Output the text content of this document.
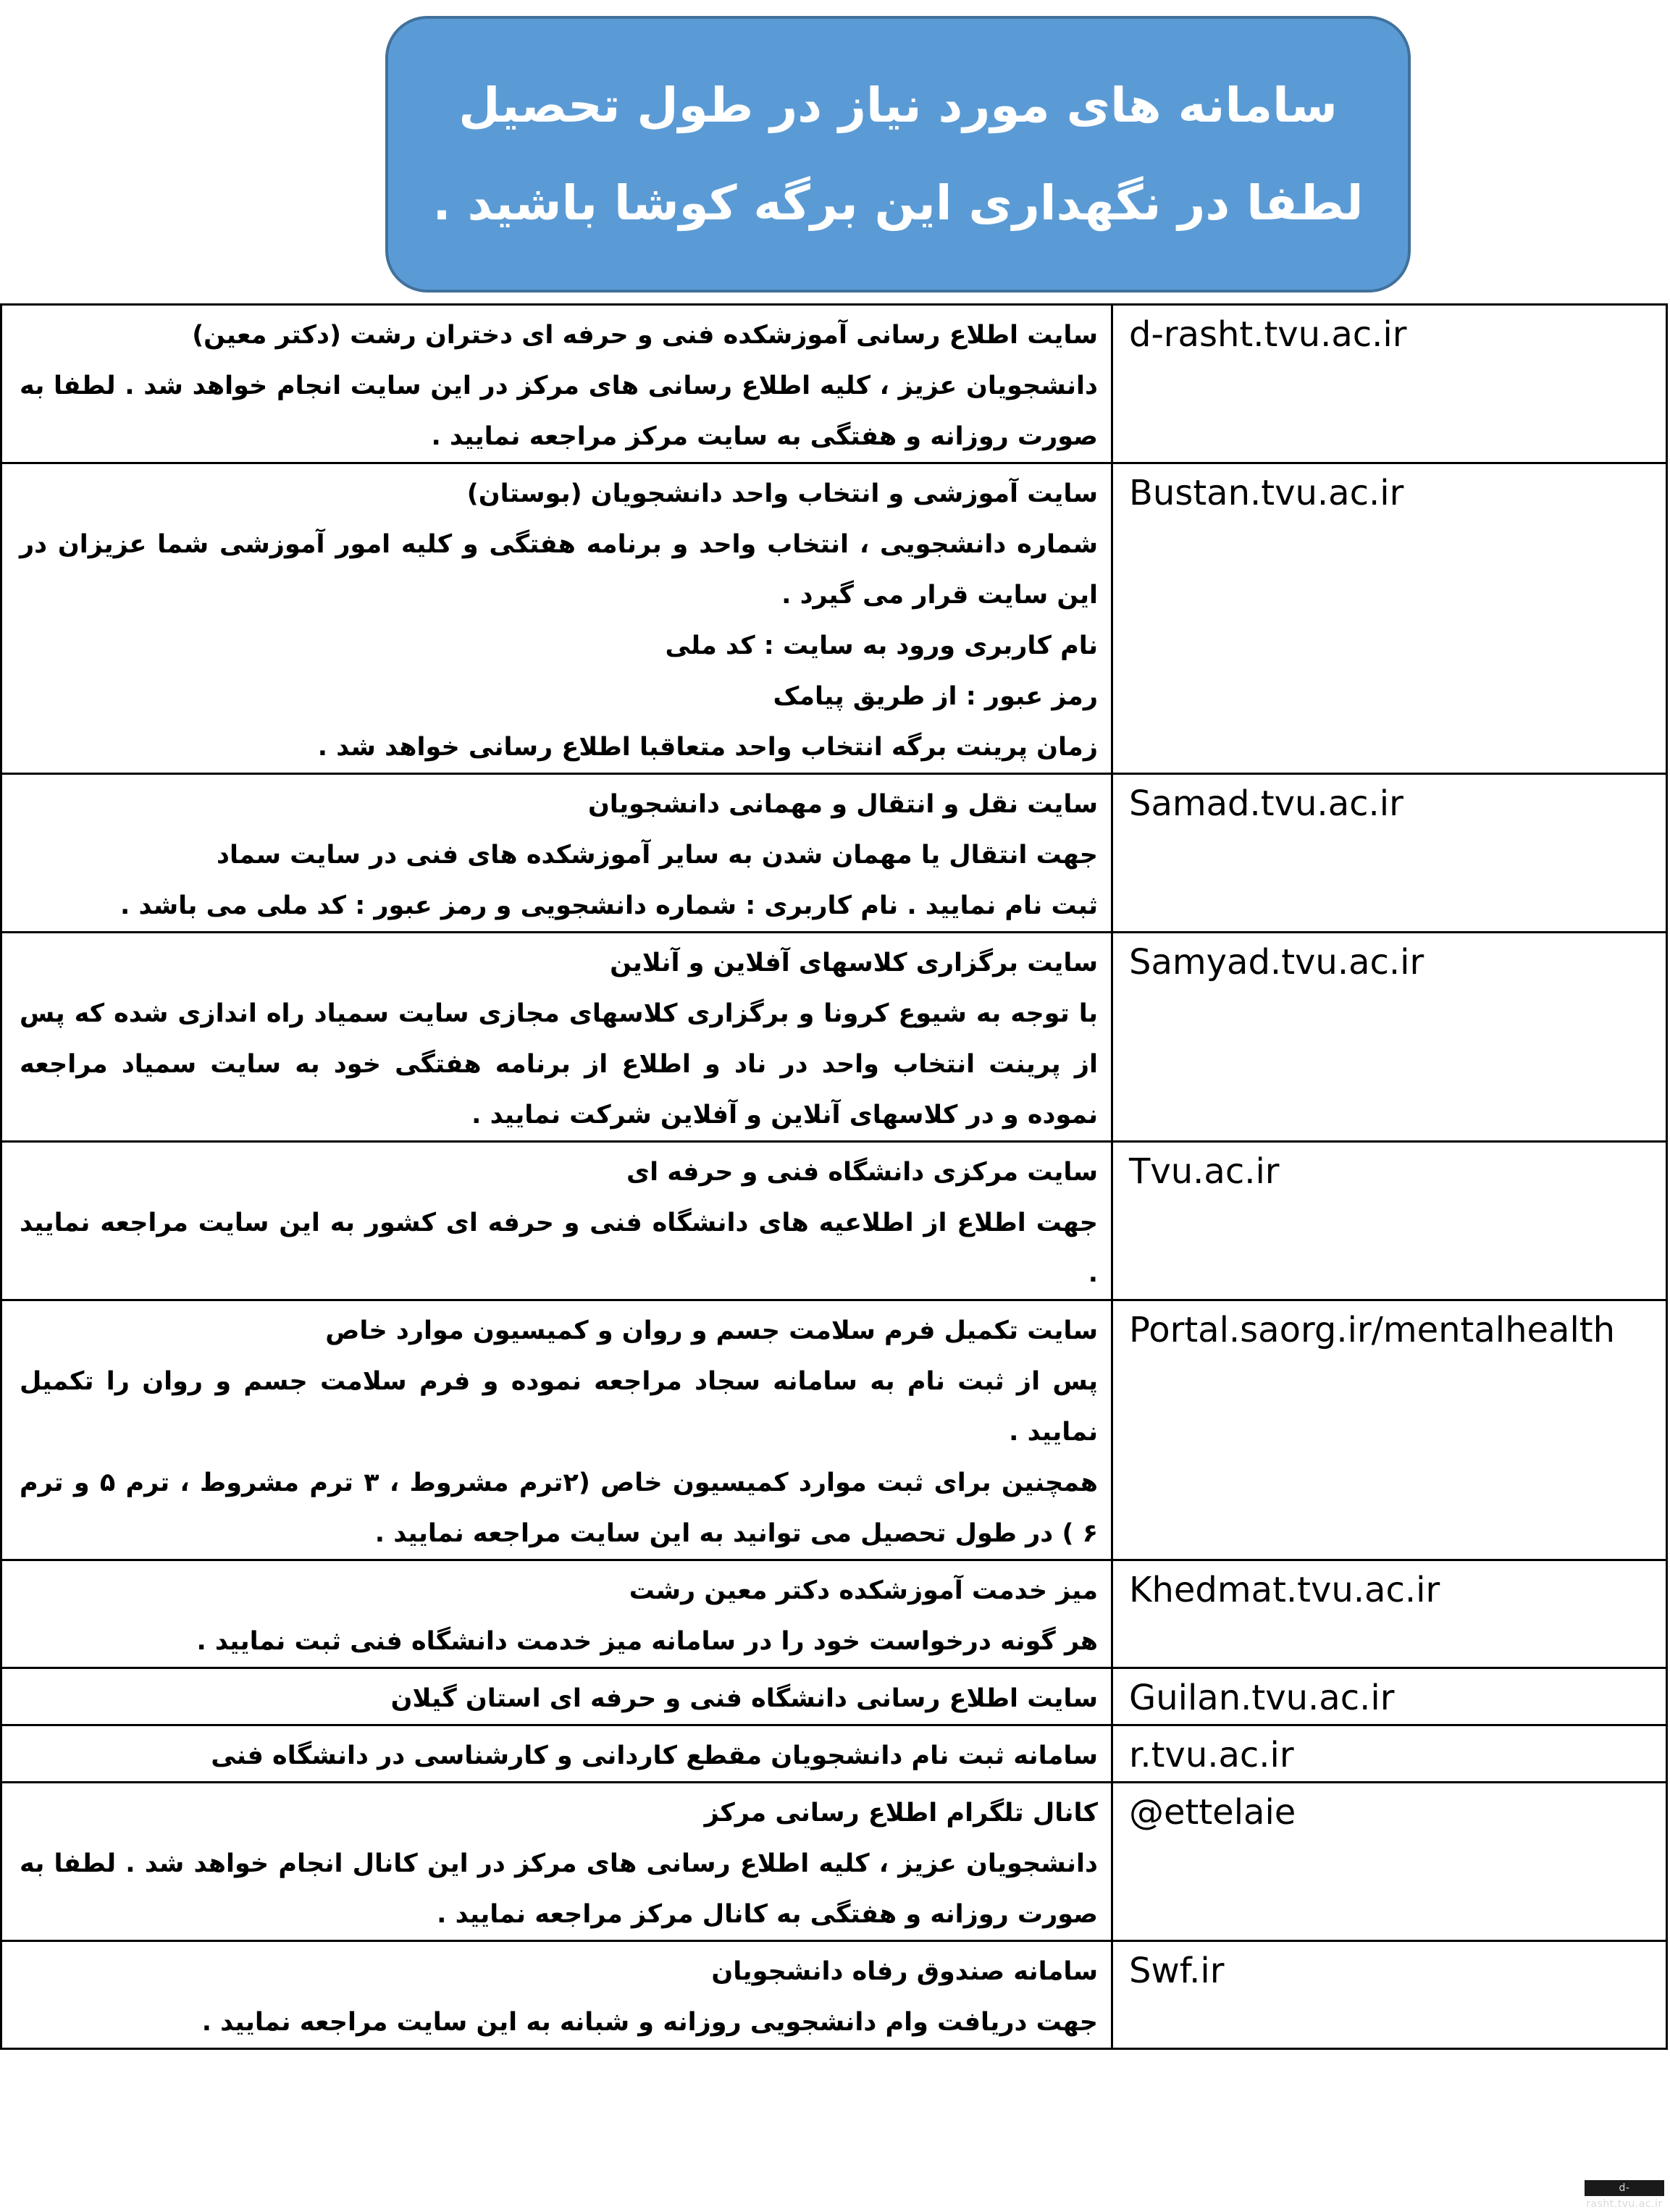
سامانه های مورد نیاز در طول تحصیل
لطفا در نگهداری این برگه کوشا باشید .
سایت اطلاع رسانی آموزشکده فنی و حرفه ای دختران رشت (دکتر معین)
دانشجویان عزیز ، کلیه اطلاع رسانی های مرکز در این سایت انجام خواهد شد . لطفا به صورت روزانه و هفتگی به سایت مرکز مراجعه نمایید .	d-rasht.tvu.ac.ir

سایت آموزشی و انتخاب واحد دانشجویان (بوستان)
شماره دانشجویی ، انتخاب واحد و برنامه هفتگی و کلیه امور آموزشی شما عزیزان در این سایت قرار می گیرد .
نام کاربری ورود به سایت : کد ملی
رمز عبور : از طریق پیامک
زمان پرینت برگه انتخاب واحد متعاقبا اطلاع رسانی خواهد شد .	Bustan.tvu.ac.ir

سایت نقل و انتقال و مهمانی دانشجویان
جهت انتقال یا مهمان شدن به سایر آموزشکده های فنی در سایت سماد
ثبت نام نمایید . نام کاربری : شماره دانشجویی و رمز عبور : کد ملی می باشد .	Samad.tvu.ac.ir

سایت برگزاری کلاسهای آفلاین و آنلاین
با توجه به شیوع کرونا و برگزاری کلاسهای مجازی سایت سمیاد راه اندازی شده که پس از پرینت انتخاب واحد در ناد و اطلاع از برنامه هفتگی خود به سایت سمیاد مراجعه نموده و در کلاسهای آنلاین و آفلاین شرکت نمایید .	Samyad.tvu.ac.ir

سایت مرکزی دانشگاه فنی و حرفه ای
جهت اطلاع از اطلاعیه های دانشگاه فنی و حرفه ای کشور به این سایت مراجعه نمایید .	Tvu.ac.ir

سایت تکمیل فرم سلامت جسم و روان و کمیسیون موارد خاص
پس از ثبت نام به سامانه سجاد مراجعه نموده و فرم سلامت جسم و روان را تکمیل نمایید .
همچنین برای ثبت موارد کمیسیون خاص (۲ترم مشروط ، ۳ ترم مشروط ، ترم ۵ و ترم ۶ ) در طول تحصیل می توانید به این سایت مراجعه نمایید .	Portal.saorg.ir/mentalhealth

میز خدمت آموزشکده دکتر معین رشت
هر گونه درخواست خود را در سامانه میز خدمت دانشگاه فنی ثبت نمایید .	Khedmat.tvu.ac.ir

سایت اطلاع رسانی دانشگاه فنی و حرفه ای استان گیلان	Guilan.tvu.ac.ir

سامانه ثبت نام دانشجویان مقطع کاردانی و کارشناسی در دانشگاه فنی	r.tvu.ac.ir

کانال تلگرام اطلاع رسانی مرکز
دانشجویان عزیز ، کلیه اطلاع رسانی های مرکز در این کانال انجام خواهد شد . لطفا به صورت روزانه و هفتگی به کانال مرکز مراجعه نمایید .	@ettelaie

سامانه صندوق رفاه دانشجویان
جهت دریافت وام دانشجویی روزانه و شبانه به این سایت مراجعه نمایید .	Swf.ir
d-rasht.tvu.ac.ir
